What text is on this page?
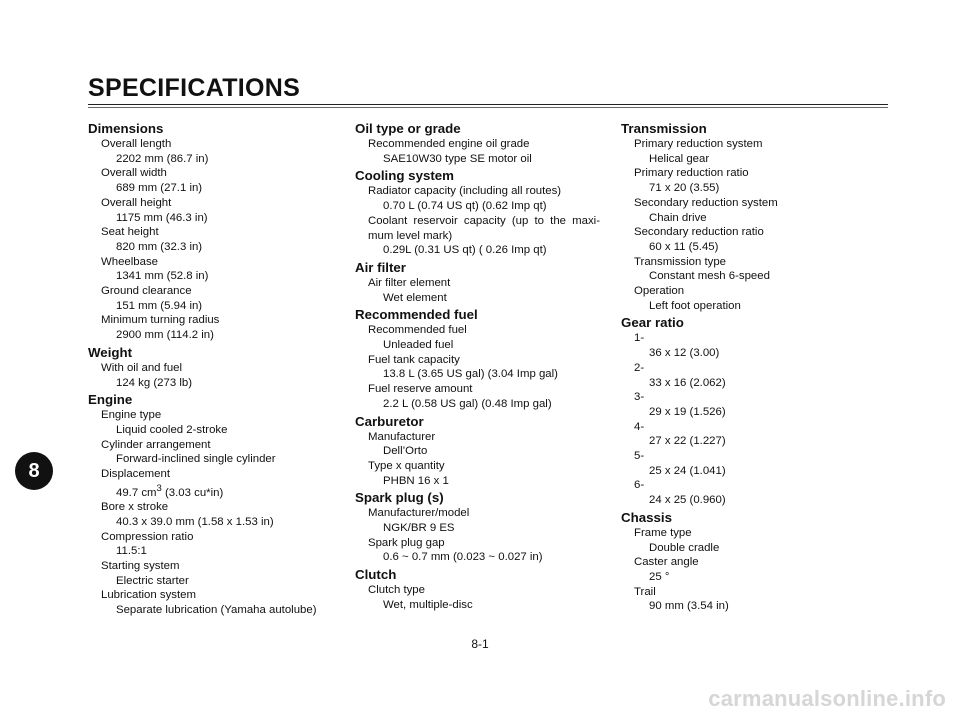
SPECIFICATIONS
Dimensions
Overall length
2202 mm (86.7 in)
Overall width
689 mm (27.1 in)
Overall height
1175 mm (46.3 in)
Seat height
820 mm (32.3 in)
Wheelbase
1341 mm (52.8 in)
Ground clearance
151 mm (5.94 in)
Minimum turning radius
2900 mm (114.2 in)
Weight
With oil and fuel
124 kg (273 lb)
Engine
Engine type
Liquid cooled 2-stroke
Cylinder arrangement
Forward-inclined single cylinder
Displacement
49.7 $cm^3$ (3.03 cu*in)
Bore x stroke
40.3 x 39.0 mm (1.58 x 1.53 in)
Compression ratio
11.5:1
Starting system
Electric starter
Lubrication system
Separate lubrication (Yamaha autolube)
Oil type or grade
Recommended engine oil grade
SAE10W30 type SE motor oil
Cooling system
Radiator capacity (including all routes)
0.70 L (0.74 US qt) (0.62 Imp qt)
Coolant reservoir capacity (up to the maxi-mum level mark)
0.29L (0.31 US qt) ( 0.26 Imp qt)
Air filter
Air filter element
Wet element
Recommended fuel
Recommended fuel
Unleaded fuel
Fuel tank capacity
13.8 L (3.65 US gal) (3.04 Imp gal)
Fuel reserve amount
2.2 L (0.58 US gal) (0.48 Imp gal)
Carburetor
Manufacturer
Dell’Orto
Type x quantity
PHBN 16 x 1
Spark plug (s)
Manufacturer/model
NGK/BR 9 ES
Spark plug gap
0.6 ~ 0.7 mm (0.023 ~ 0.027 in)
Clutch
Clutch type
Wet, multiple-disc
Transmission
Primary reduction system
Helical gear
Primary reduction ratio
71 x 20 (3.55)
Secondary reduction system
Chain drive
Secondary reduction ratio
60 x 11 (5.45)
Transmission type
Constant mesh 6-speed
Operation
Left foot operation
Gear ratio
1-
36 x 12 (3.00)
2-
33 x 16 (2.062)
3-
29 x 19 (1.526)
4-
27 x 22 (1.227)
5-
25 x 24 (1.041)
6-
24 x 25 (0.960)
Chassis
Frame type
Double cradle
Caster angle
25 °
Trail
90 mm (3.54 in)
8
8-1
carmanualsonline.info
